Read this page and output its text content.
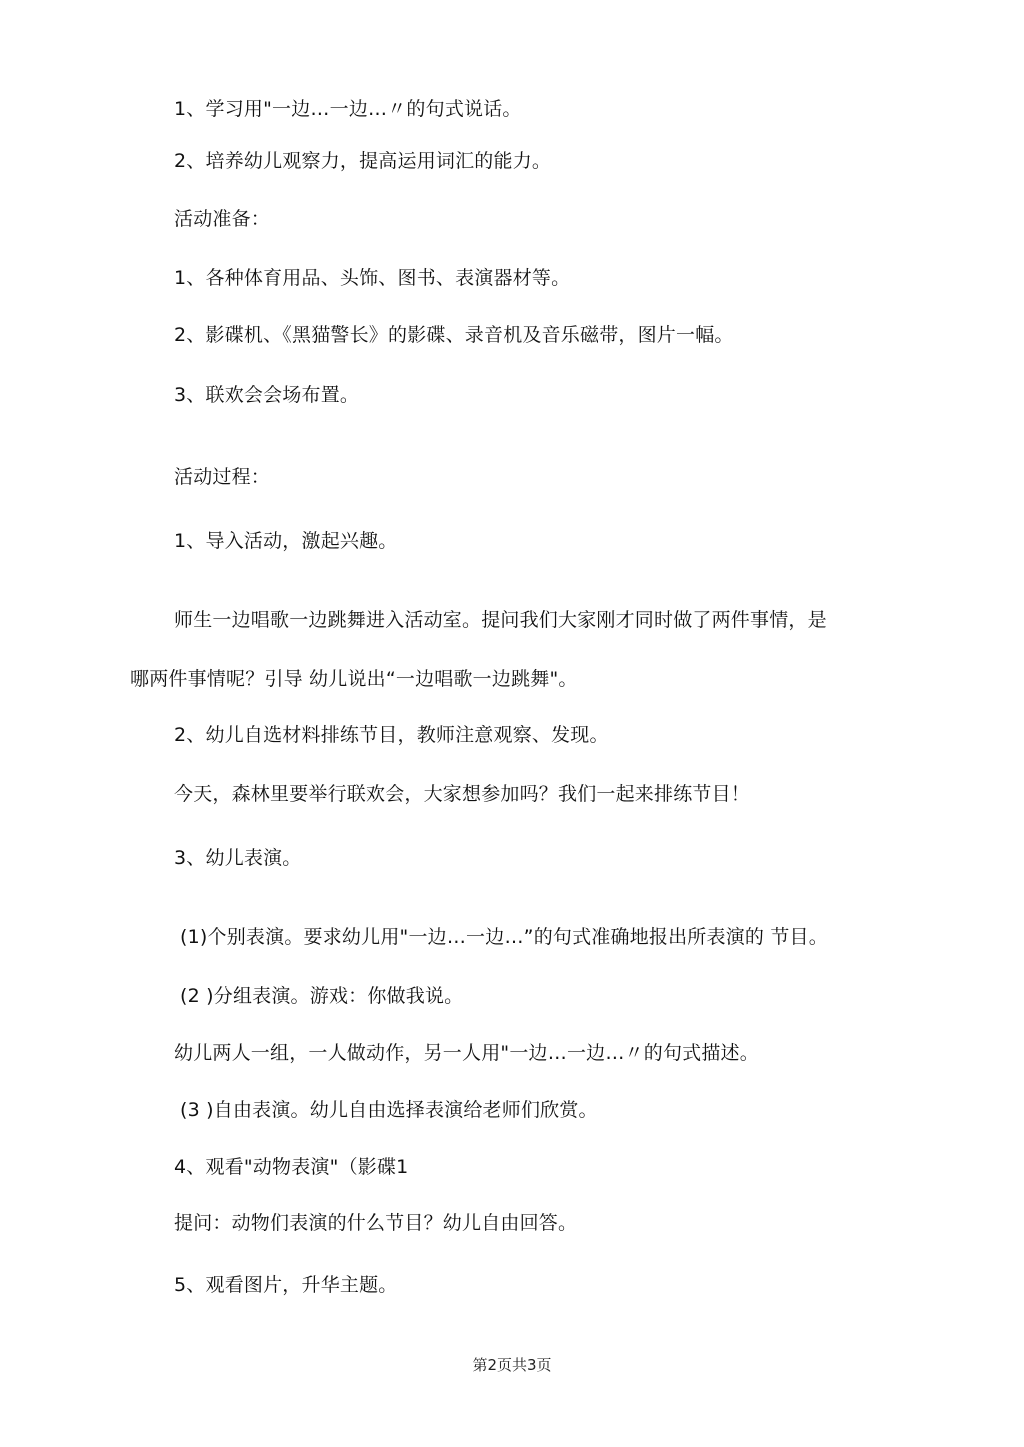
1、学习用"一边…一边…〃的句式说话。
2、培养幼儿观察力，提高运用词汇的能力。
活动准备：
1、各种体育用品、头饰、图书、表演器材等。
2、影碟机、《黑猫警长》的影碟、录音机及音乐磁带，图片一幅。
3、联欢会会场布置。
活动过程：
1、导入活动，激起兴趣。
师生一边唱歌一边跳舞进入活动室。提问我们大家刚才同时做了两件事情，是
哪两件事情呢？引导 幼儿说出“一边唱歌一边跳舞"。
2、幼儿自选材料排练节目，教师注意观察、发现。
今天，森林里要举行联欢会，大家想参加吗？我们一起来排练节目！
3、幼儿表演。
(1)个别表演。要求幼儿用"一边…一边…”的句式准确地报出所表演的 节目。
(2 )分组表演。游戏：你做我说。
幼儿两人一组，一人做动作，另一人用"一边…一边…〃的句式描述。
(3 )自由表演。幼儿自由选择表演给老师们欣赏。
4、观看"动物表演"（影碟1
提问：动物们表演的什么节目？幼儿自由回答。
5、观看图片，升华主题。
第2页共3页
